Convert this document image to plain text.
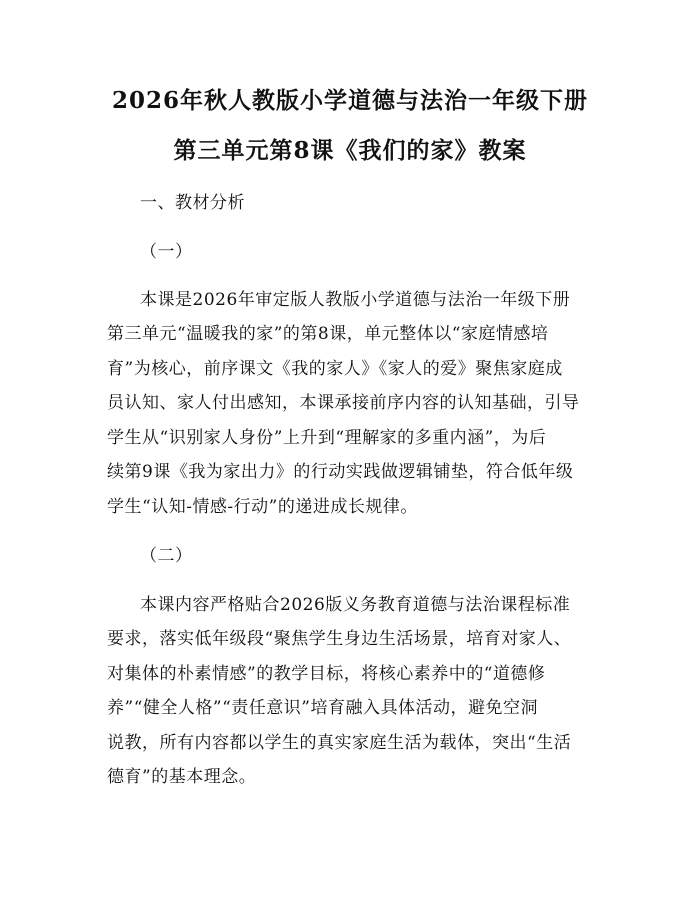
2026年秋人教版小学道德与法治一年级下册
第三单元第8课《我们的家》教案
一、教材分析
（一）
本课是2026年审定版人教版小学道德与法治一年级下册
第三单元“温暖我的家”的第8课，单元整体以“家庭情感培
育”为核心，前序课文《我的家人》《家人的爱》聚焦家庭成
员认知、家人付出感知，本课承接前序内容的认知基础，引导
学生从“识别家人身份”上升到“理解家的多重内涵”，为后
续第9课《我为家出力》的行动实践做逻辑铺垫，符合低年级
学生“认知-情感-行动”的递进成长规律。
（二）
本课内容严格贴合2026版义务教育道德与法治课程标准
要求，落实低年级段“聚焦学生身边生活场景，培育对家人、
对集体的朴素情感”的教学目标，将核心素养中的“道德修
养”“健全人格”“责任意识”培育融入具体活动，避免空洞
说教，所有内容都以学生的真实家庭生活为载体，突出“生活
德育”的基本理念。
